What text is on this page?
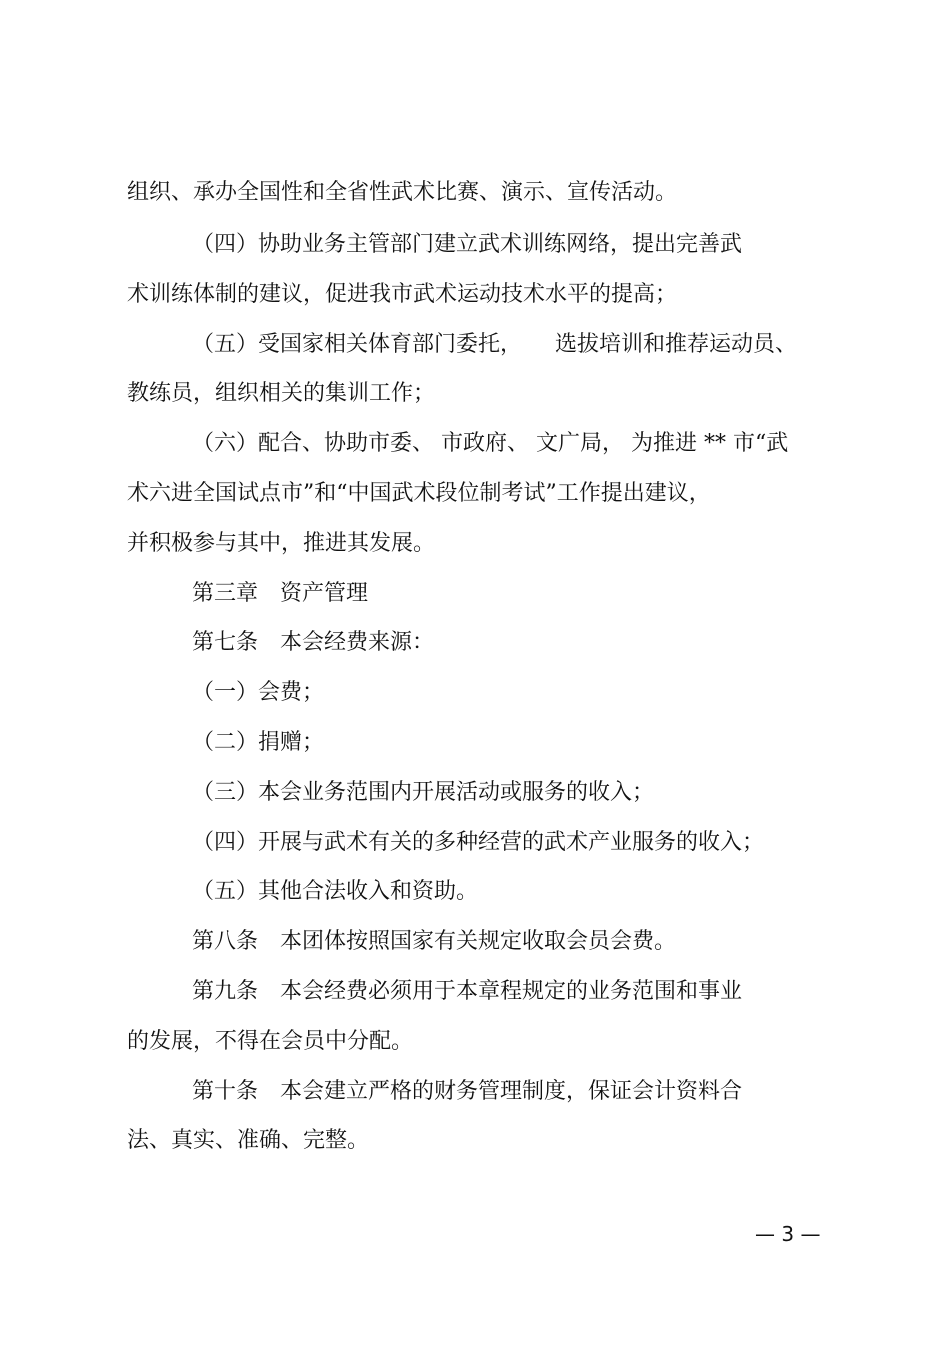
组织、承办全国性和全省性武术比赛、演示、宣传活动。
（四）协助业务主管部门建立武术训练网络，提出完善武
术训练体制的建议，促进我市武术运动技术水平的提高；
（五）受国家相关体育部门委托，　　选拔培训和推荐运动员、
教练员，组织相关的集训工作；
（六）配合、协助市委、 市政府、 文广局， 为推进 ** 市“武
术六进全国试点市”和“中国武术段位制考试”工作提出建议，
并积极参与其中，推进其发展。
第三章　资产管理
第七条　本会经费来源：
（一）会费；
（二）捐赠；
（三）本会业务范围内开展活动或服务的收入；
（四）开展与武术有关的多种经营的武术产业服务的收入；
（五）其他合法收入和资助。
第八条　本团体按照国家有关规定收取会员会费。
第九条　本会经费必须用于本章程规定的业务范围和事业
的发展，不得在会员中分配。
第十条　本会建立严格的财务管理制度，保证会计资料合
法、真实、准确、完整。
— 3 —
